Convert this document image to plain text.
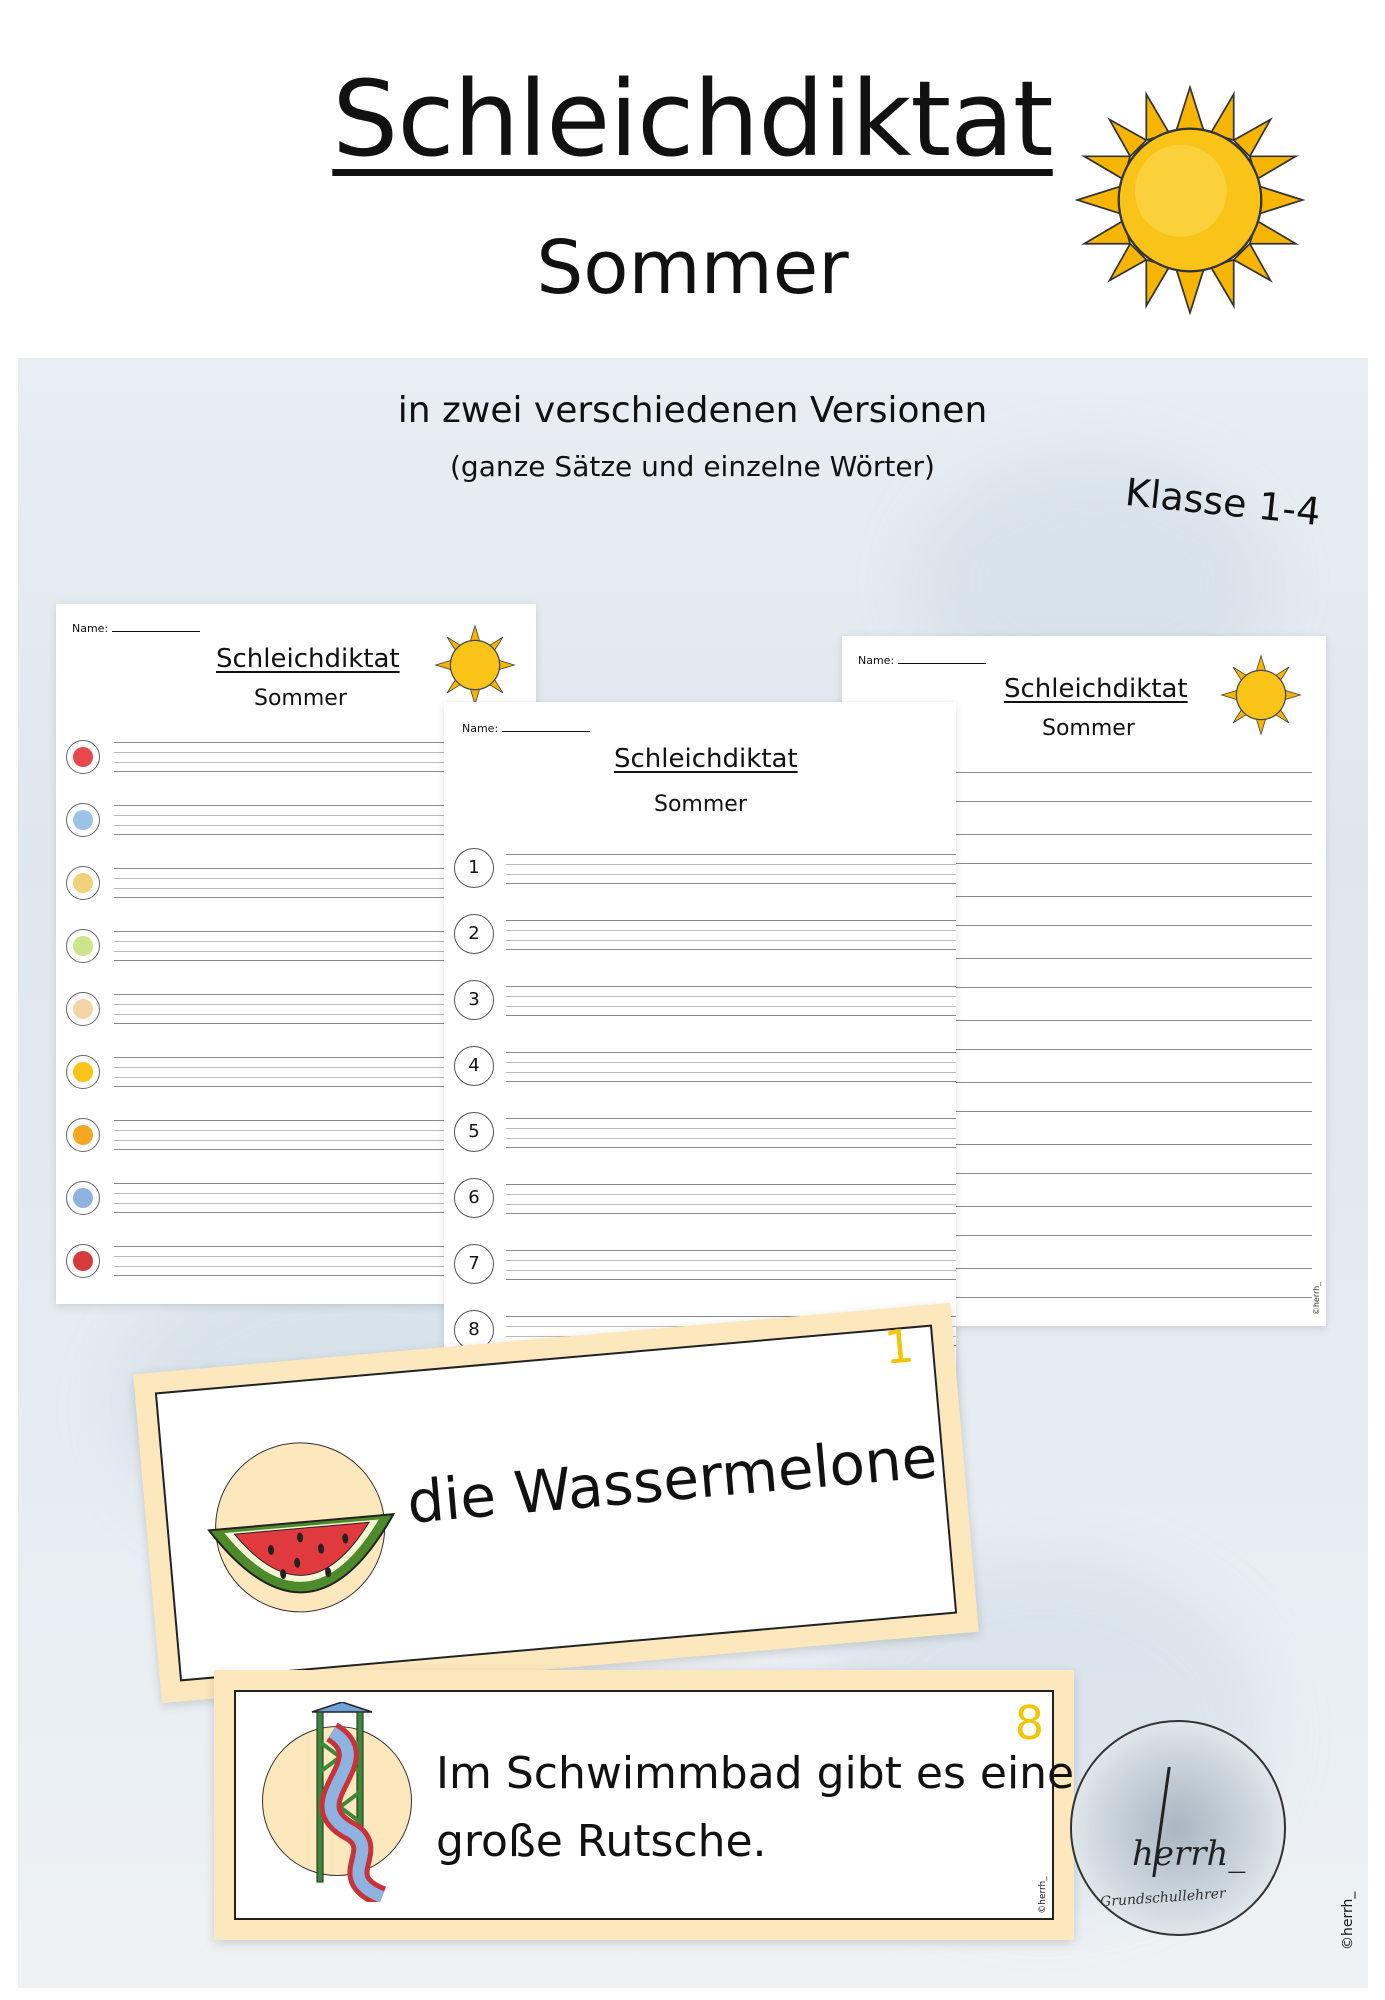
Schleichdiktat
Sommer
in zwei verschiedenen Versionen
(ganze Sätze und einzelne Wörter)
Klasse 1-4
Name:
Schleichdiktat
Sommer
Name:
Schleichdiktat
Sommer
©herrh_
Name:
Schleichdiktat
Sommer
1
2
3
4
5
6
7
8
die Wassermelone
1
Im Schwimmbad gibt es eine
große Rutsche.
©herrh_
8
herrh_
Grundschullehrer	©herrh_
